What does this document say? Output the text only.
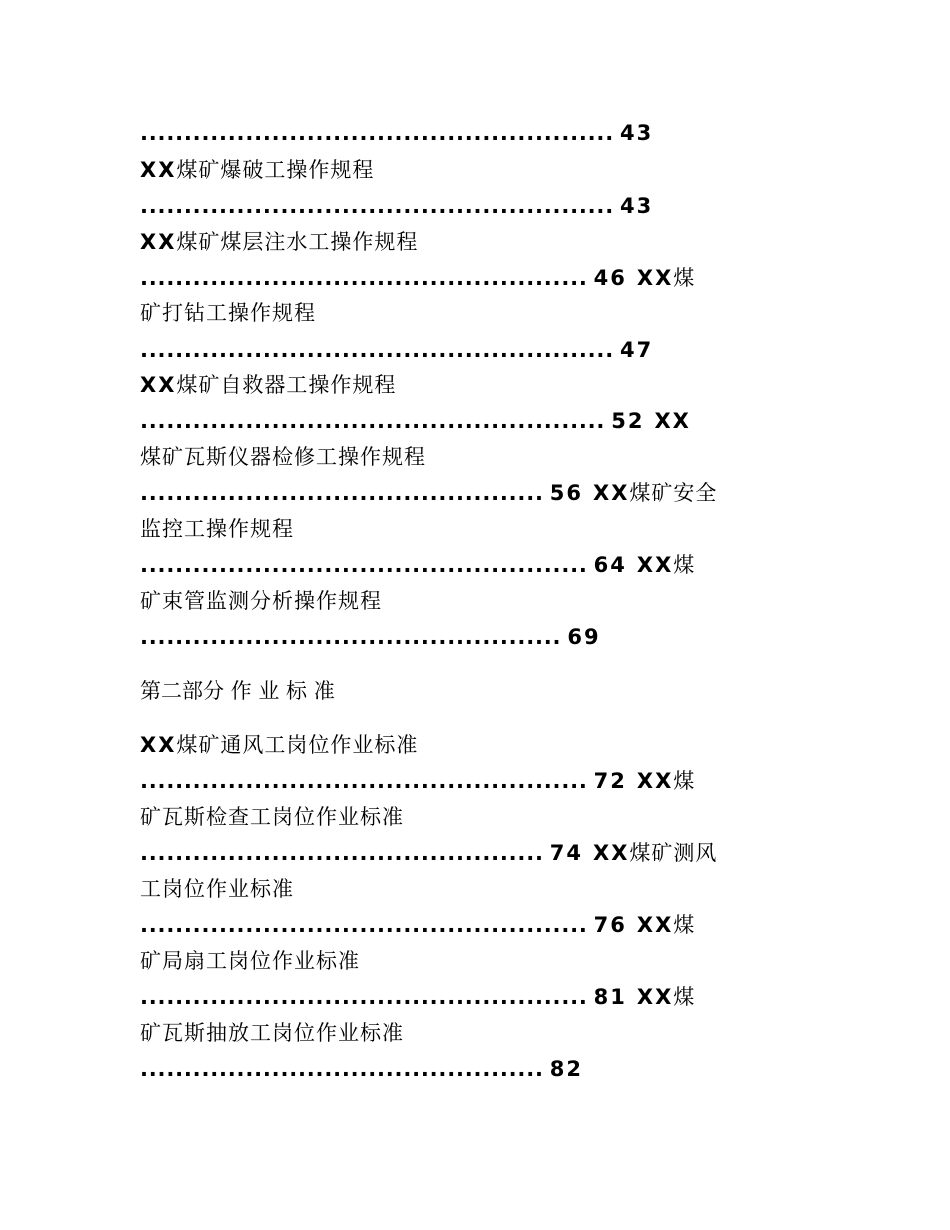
...................................................... 43
XX煤矿爆破工操作规程
...................................................... 43
XX煤矿煤层注水工操作规程
................................................... 46 XX煤
矿打钻工操作规程
...................................................... 47
XX煤矿自救器工操作规程
..................................................... 52 XX
煤矿瓦斯仪器检修工操作规程
.............................................. 56 XX煤矿安全
监控工操作规程
................................................... 64 XX煤
矿束管监测分析操作规程
................................................ 69
第二部分 作 业 标 准
XX煤矿通风工岗位作业标准
................................................... 72 XX煤
矿瓦斯检查工岗位作业标准
.............................................. 74 XX煤矿测风
工岗位作业标准
................................................... 76 XX煤
矿局扇工岗位作业标准
................................................... 81 XX煤
矿瓦斯抽放工岗位作业标准
.............................................. 82
